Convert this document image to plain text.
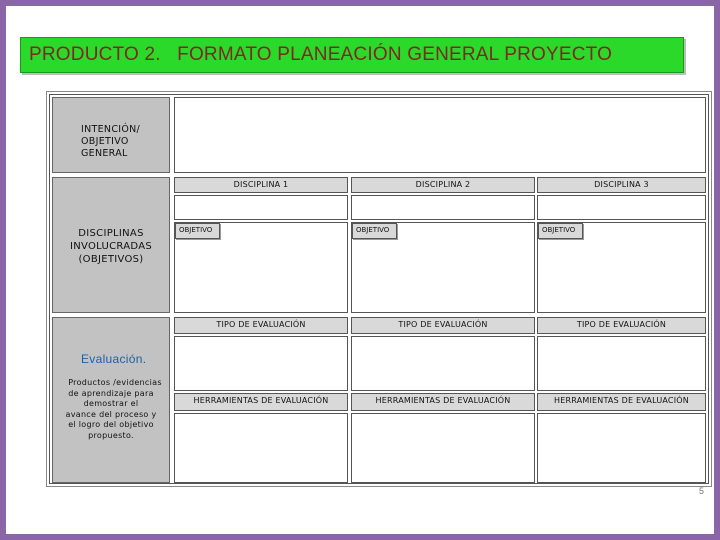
PRODUCTO 2.   FORMATO PLANEACIÓN GENERAL PROYECTO
INTENCIÓN/
OBJETIVO GENERAL
DISCIPLINAS
INVOLUCRADAS
(OBJETIVOS)
DISCIPLINA 1	DISCIPLINA 2	DISCIPLINA 3
OBJETIVO	OBJETIVO	OBJETIVO
Evaluación.
Productos /evidencias
de aprendizaje para
demostrar el
avance del proceso y
el logro del objetivo
propuesto.
TIPO DE EVALUACIÓN	TIPO DE EVALUACIÓN	TIPO DE EVALUACIÓN
HERRAMIENTAS DE EVALUACIÓN	HERRAMIENTAS DE EVALUACIÓN	HERRAMIENTAS DE EVALUACIÓN
5
